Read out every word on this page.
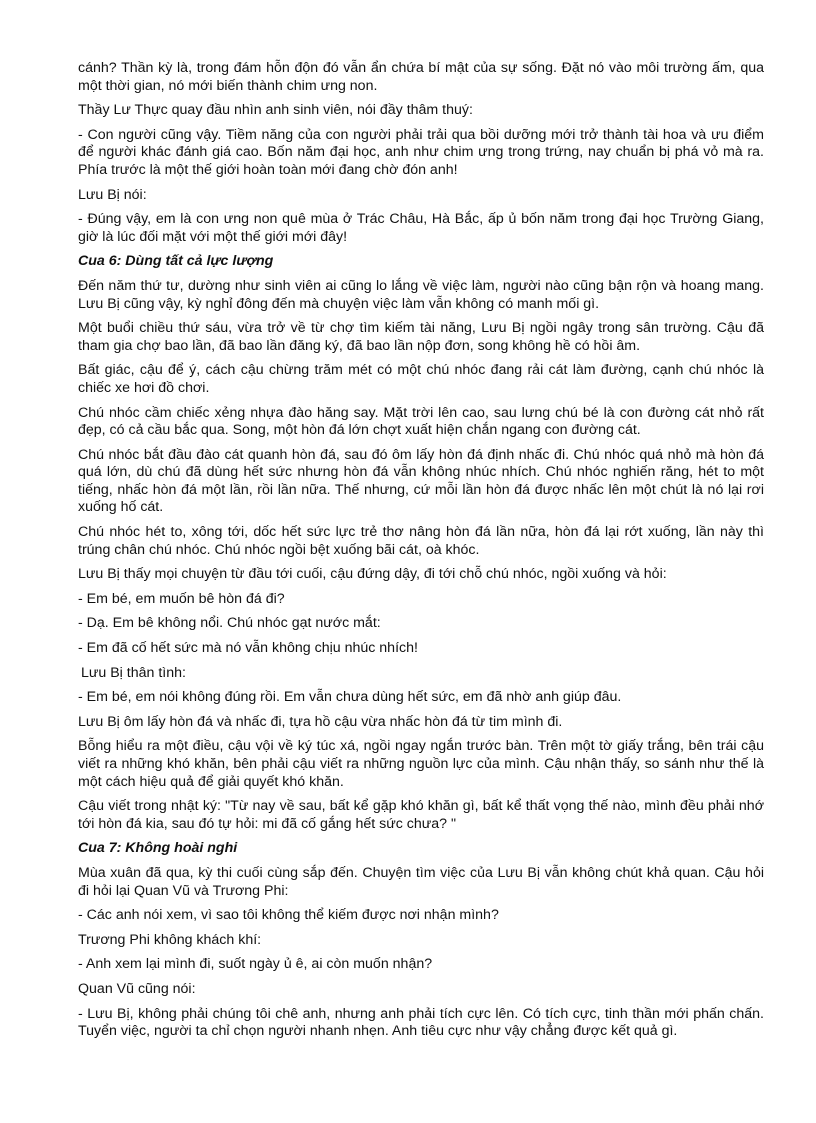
cánh? Thần kỳ là, trong đám hỗn độn đó vẫn ẩn chứa bí mật của sự sống. Đặt nó vào môi trường ấm, qua một thời gian, nó mới biến thành chim ưng non.

Thầy Lư Thực quay đầu nhìn anh sinh viên, nói đầy thâm thuý:

- Con người cũng vậy. Tiềm năng của con người phải trải qua bồi dưỡng mới trở thành tài hoa và ưu điểm để người khác đánh giá cao. Bốn năm đại học, anh như chim ưng trong trứng, nay chuẩn bị phá vỏ mà ra. Phía trước là một thế giới hoàn toàn mới đang chờ đón anh!

Lưu Bị nói:

- Đúng vậy, em là con ưng non quê mùa ở Trác Châu, Hà Bắc, ấp ủ bốn năm trong đại học Trường Giang, giờ là lúc đối mặt với một thế giới mới đây!

Cua 6: Dùng tất cả lực lượng

Đến năm thứ tư, dường như sinh viên ai cũng lo lắng về việc làm, người nào cũng bận rộn và hoang mang. Lưu Bị cũng vậy, kỳ nghỉ đông đến mà chuyện việc làm vẫn không có manh mối gì.

Một buổi chiều thứ sáu, vừa trở về từ chợ tìm kiếm tài năng, Lưu Bị ngồi ngây trong sân trường. Cậu đã tham gia chợ bao lần, đã bao lần đăng ký, đã bao lần nộp đơn, song không hề có hồi âm.

Bất giác, cậu để ý, cách cậu chừng trăm mét có một chú nhóc đang rải cát làm đường, cạnh chú nhóc là chiếc xe hơi đồ chơi.

Chú nhóc cầm chiếc xẻng nhựa đào hăng say. Mặt trời lên cao, sau lưng chú bé là con đường cát nhỏ rất đẹp, có cả cầu bắc qua. Song, một hòn đá lớn chợt xuất hiện chắn ngang con đường cát.

Chú nhóc bắt đầu đào cát quanh hòn đá, sau đó ôm lấy hòn đá định nhấc đi. Chú nhóc quá nhỏ mà hòn đá quá lớn, dù chú đã dùng hết sức nhưng hòn đá vẫn không nhúc nhích. Chú nhóc nghiến răng, hét to một tiếng, nhấc hòn đá một lần, rồi lần nữa. Thế nhưng, cứ mỗi lần hòn đá được nhấc lên một chút là nó lại rơi xuống hố cát.

Chú nhóc hét to, xông tới, dốc hết sức lực trẻ thơ nâng hòn đá lần nữa, hòn đá lại rớt xuống, lần này thì trúng chân chú nhóc. Chú nhóc ngồi bệt xuống bãi cát, oà khóc.

Lưu Bị thấy mọi chuyện từ đầu tới cuối, cậu đứng dậy, đi tới chỗ chú nhóc, ngồi xuống và hỏi:

- Em bé, em muốn bê hòn đá đi?

- Dạ. Em bê không nổi. Chú nhóc gạt nước mắt:

- Em đã cố hết sức mà nó vẫn không chịu nhúc nhích!

Lưu Bị thân tình:

- Em bé, em nói không đúng rồi. Em vẫn chưa dùng hết sức, em đã nhờ anh giúp đâu.

Lưu Bị ôm lấy hòn đá và nhấc đi, tựa hồ cậu vừa nhấc hòn đá từ tim mình đi.

Bỗng hiểu ra một điều, cậu vội về ký túc xá, ngồi ngay ngắn trước bàn. Trên một tờ giấy trắng, bên trái cậu viết ra những khó khăn, bên phải cậu viết ra những nguồn lực của mình. Cậu nhận thấy, so sánh như thế là một cách hiệu quả để giải quyết khó khăn.

Cậu viết trong nhật ký: "Từ nay về sau, bất kể gặp khó khăn gì, bất kể thất vọng thế nào, mình đều phải nhớ tới hòn đá kia, sau đó tự hỏi: mi đã cố gắng hết sức chưa? "

Cua 7: Không hoài nghi

Mùa xuân đã qua, kỳ thi cuối cùng sắp đến. Chuyện tìm việc của Lưu Bị vẫn không chút khả quan. Cậu hỏi đi hỏi lại Quan Vũ và Trương Phi:

- Các anh nói xem, vì sao tôi không thể kiếm được nơi nhận mình?

Trương Phi không khách khí:

- Anh xem lại mình đi, suốt ngày ủ ê, ai còn muốn nhận?

Quan Vũ cũng nói:

- Lưu Bị, không phải chúng tôi chê anh, nhưng anh phải tích cực lên. Có tích cực, tinh thần mới phấn chấn. Tuyển việc, người ta chỉ chọn người nhanh nhẹn. Anh tiêu cực như vậy chẳng được kết quả gì.
